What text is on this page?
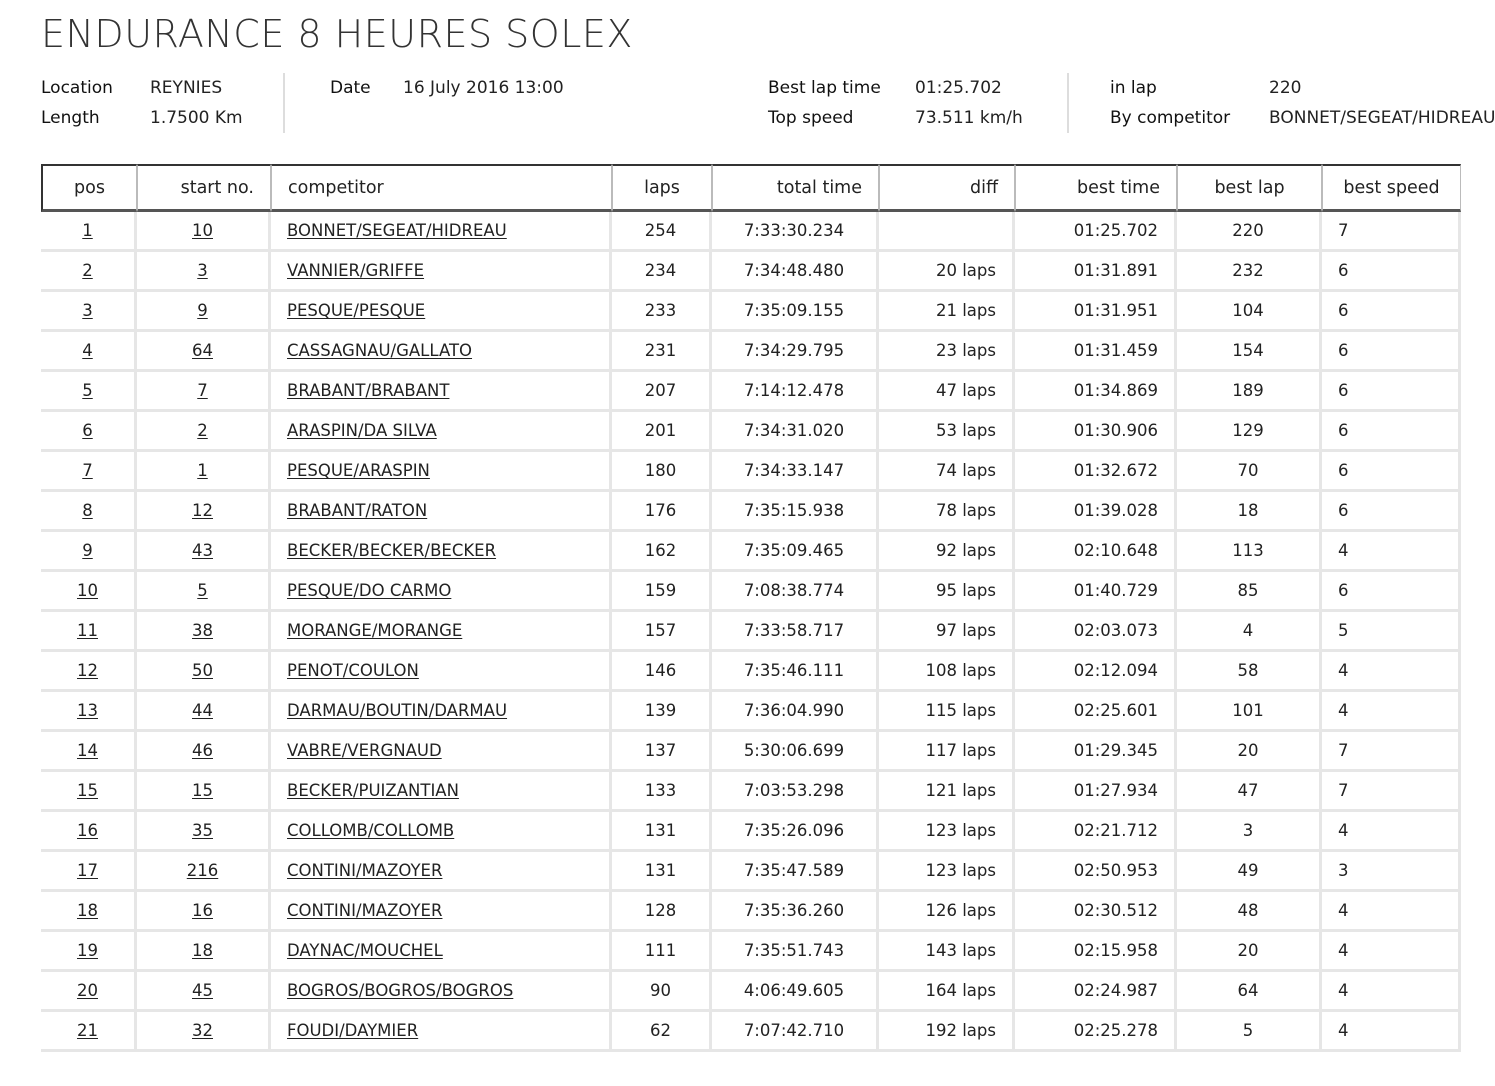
ENDURANCE 8 HEURES SOLEX
Location REYNIES
Length	1.7500 Km
Date 16 July 2016 13:00	Best lap time 01:25.702
Top speed	73.511 km/h
in lap	220
By competitor BONNET/SEGEAT/HIDREAU
pos	start no.	competitor	laps	total time	diff	best time	best lap	best speed
1	10	BONNET/SEGEAT/HIDREAU	254	7:33:30.234		01:25.702	220	7
2	3	VANNIER/GRIFFE	234	7:34:48.480	20 laps	01:31.891	232	6
3	9	PESQUE/PESQUE	233	7:35:09.155	21 laps	01:31.951	104	6
4	64	CASSAGNAU/GALLATO	231	7:34:29.795	23 laps	01:31.459	154	6
5	7	BRABANT/BRABANT	207	7:14:12.478	47 laps	01:34.869	189	6
6	2	ARASPIN/DA SILVA	201	7:34:31.020	53 laps	01:30.906	129	6
7	1	PESQUE/ARASPIN	180	7:34:33.147	74 laps	01:32.672	70	6
8	12	BRABANT/RATON	176	7:35:15.938	78 laps	01:39.028	18	6
9	43	BECKER/BECKER/BECKER	162	7:35:09.465	92 laps	02:10.648	113	4
10	5	PESQUE/DO CARMO	159	7:08:38.774	95 laps	01:40.729	85	6
11	38	MORANGE/MORANGE	157	7:33:58.717	97 laps	02:03.073	4	5
12	50	PENOT/COULON	146	7:35:46.111	108 laps	02:12.094	58	4
13	44	DARMAU/BOUTIN/DARMAU	139	7:36:04.990	115 laps	02:25.601	101	4
14	46	VABRE/VERGNAUD	137	5:30:06.699	117 laps	01:29.345	20	7
15	15	BECKER/PUIZANTIAN	133	7:03:53.298	121 laps	01:27.934	47	7
16	35	COLLOMB/COLLOMB	131	7:35:26.096	123 laps	02:21.712	3	4
17	216	CONTINI/MAZOYER	131	7:35:47.589	123 laps	02:50.953	49	3
18	16	CONTINI/MAZOYER	128	7:35:36.260	126 laps	02:30.512	48	4
19	18	DAYNAC/MOUCHEL	111	7:35:51.743	143 laps	02:15.958	20	4
20	45	BOGROS/BOGROS/BOGROS	90	4:06:49.605	164 laps	02:24.987	64	4
21	32	FOUDI/DAYMIER	62	7:07:42.710	192 laps	02:25.278	5	4
